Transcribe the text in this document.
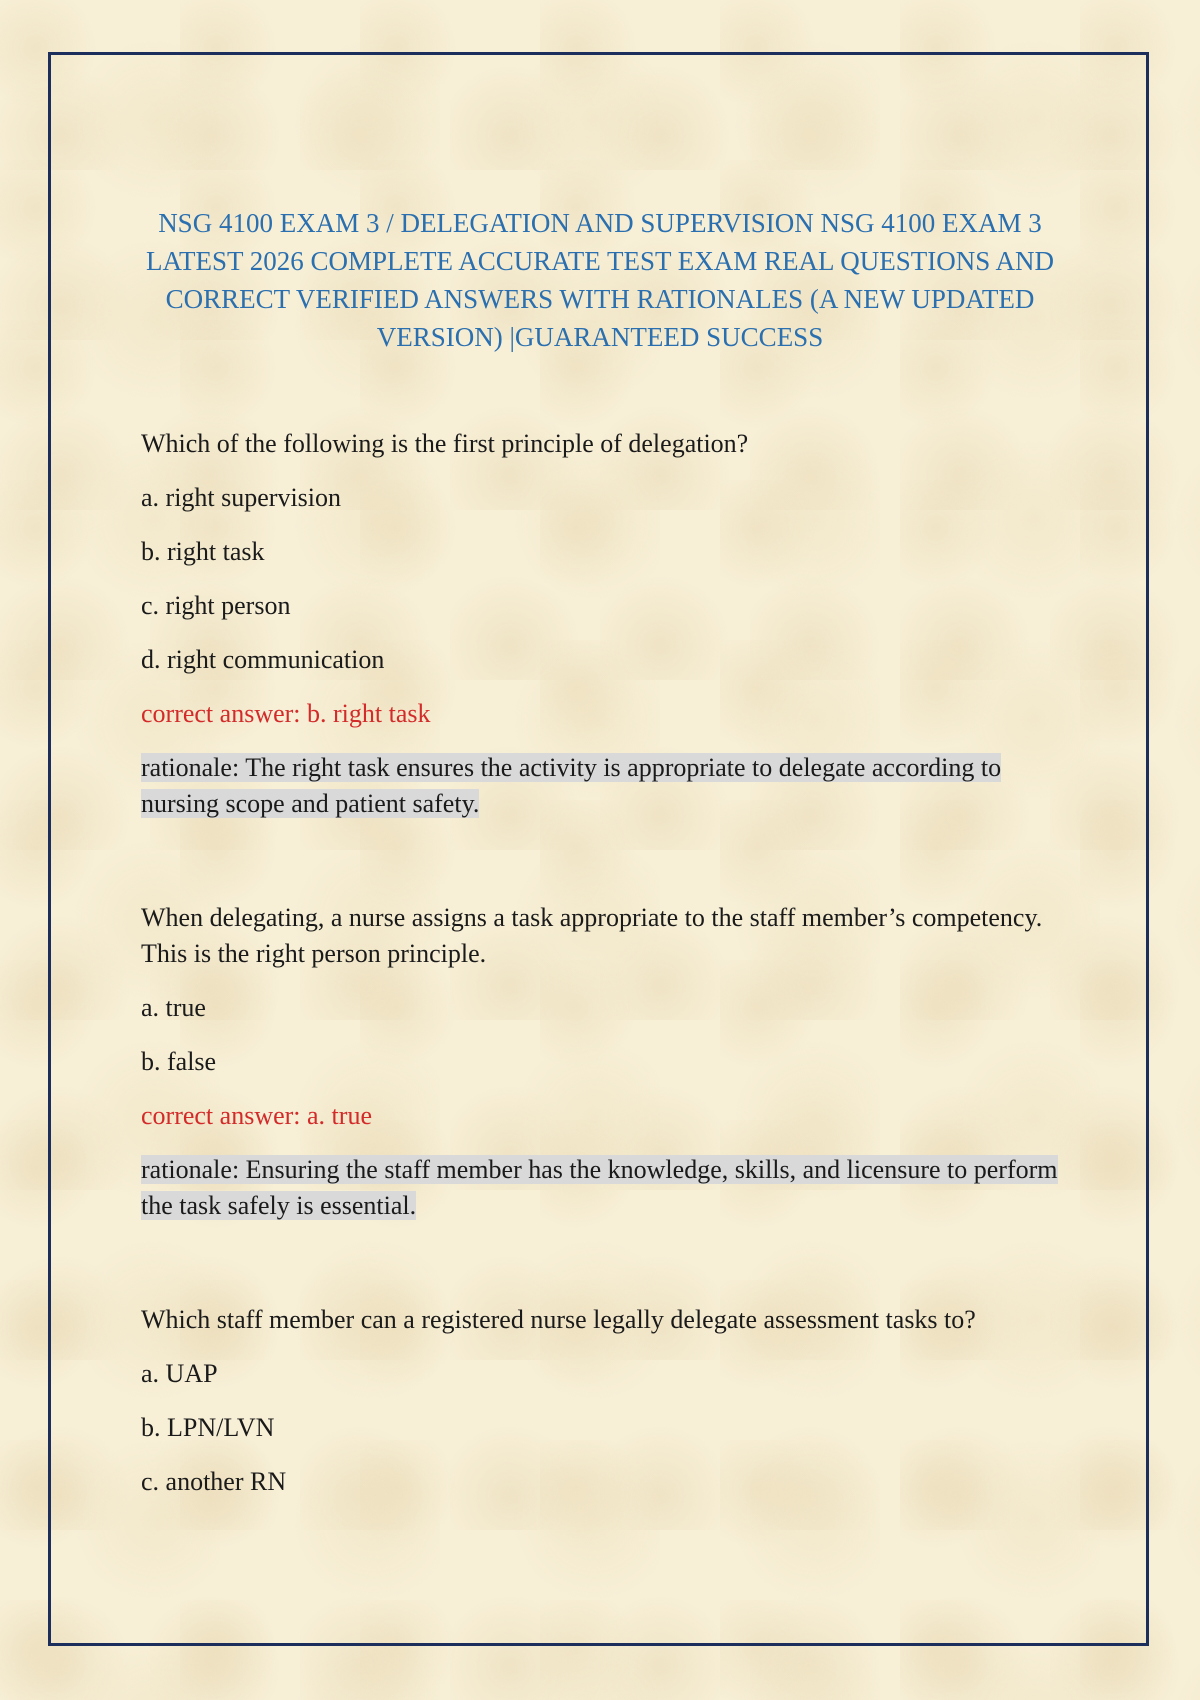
NSG 4100 EXAM 3 / DELEGATION AND SUPERVISION NSG 4100 EXAM 3 LATEST 2026 COMPLETE ACCURATE TEST EXAM REAL QUESTIONS AND CORRECT VERIFIED ANSWERS WITH RATIONALES (A NEW UPDATED VERSION) |GUARANTEED SUCCESS

Which of the following is the first principle of delegation?

a. right supervision

b. right task

c. right person

d. right communication

correct answer: b. right task

rationale: The right task ensures the activity is appropriate to delegate according to nursing scope and patient safety.

When delegating, a nurse assigns a task appropriate to the staff member’s competency. This is the right person principle.

a. true

b. false

correct answer: a. true

rationale: Ensuring the staff member has the knowledge, skills, and licensure to perform the task safely is essential.

Which staff member can a registered nurse legally delegate assessment tasks to?

a. UAP

b. LPN/LVN

c. another RN
